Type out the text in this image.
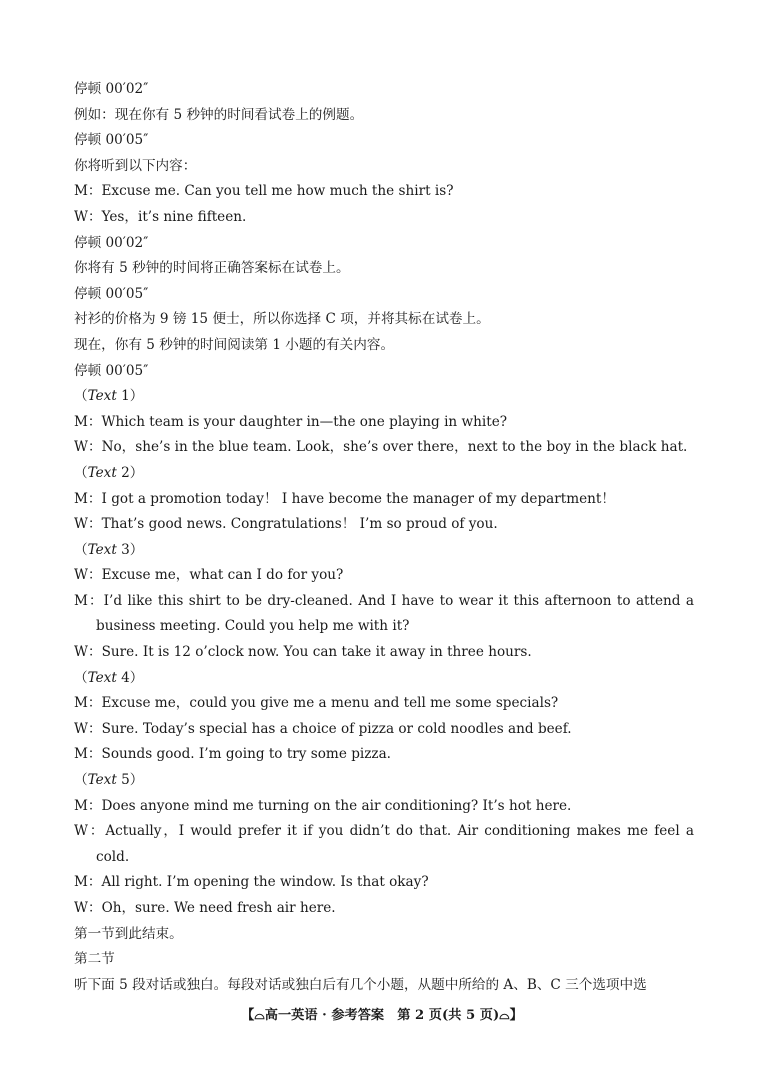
停顿 00′02″
例如：现在你有 5 秒钟的时间看试卷上的例题。
停顿 00′05″
你将听到以下内容：
M：Excuse me. Can you tell me how much the shirt is?
W：Yes，it’s nine fifteen.
停顿 00′02″
你将有 5 秒钟的时间将正确答案标在试卷上。
停顿 00′05″
衬衫的价格为 9 镑 15 便士，所以你选择 C 项，并将其标在试卷上。
现在，你有 5 秒钟的时间阅读第 1 小题的有关内容。
停顿 00′05″
（Text 1）
M：Which team is your daughter in—the one playing in white?
W：No，she’s in the blue team. Look，she’s over there，next to the boy in the black hat.
（Text 2）
M：I got a promotion today！ I have become the manager of my department！
W：That’s good news. Congratulations！ I’m so proud of you.
（Text 3）
W：Excuse me，what can I do for you?
M：I’d like this shirt to be dry-cleaned. And I have to wear it this afternoon to attend a
business meeting. Could you help me with it?
W：Sure. It is 12 o’clock now. You can take it away in three hours.
（Text 4）
M：Excuse me，could you give me a menu and tell me some specials?
W：Sure. Today’s special has a choice of pizza or cold noodles and beef.
M：Sounds good. I’m going to try some pizza.
（Text 5）
M：Does anyone mind me turning on the air conditioning? It’s hot here.
W：Actually，I would prefer it if you didn’t do that. Air conditioning makes me feel a
cold.
M：All right. I’m opening the window. Is that okay?
W：Oh，sure. We need fresh air here.
第一节到此结束。
第二节
听下面 5 段对话或独白。每段对话或独白后有几个小题，从题中所给的 A、B、C 三个选项中选
【⌓高一英语 · 参考答案　第 2 页(共 5 页)⌓】
